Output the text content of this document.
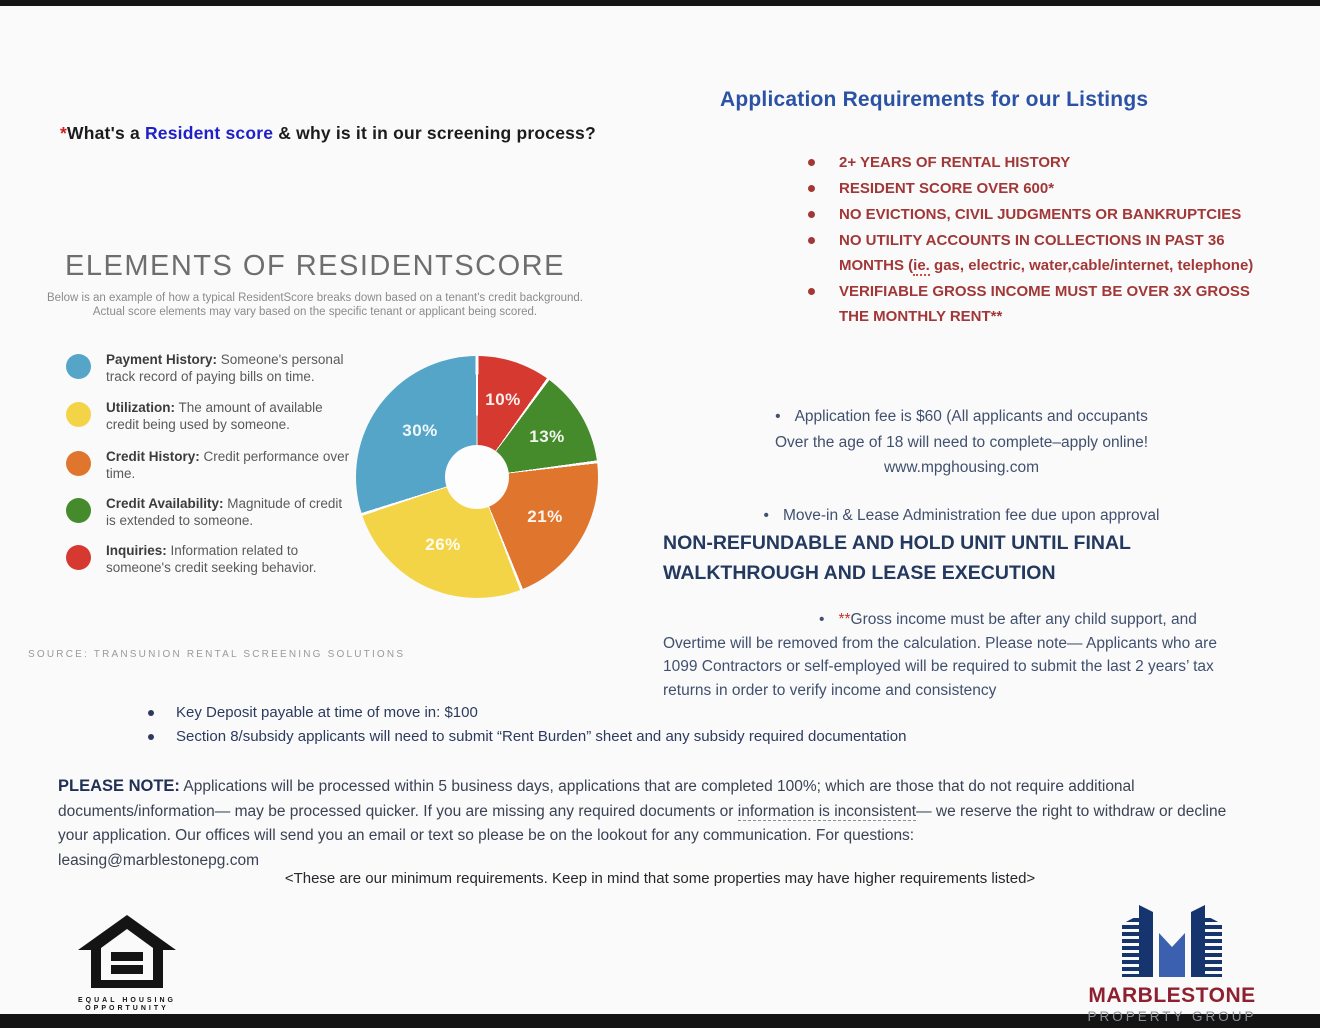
*What's a Resident score & why is it in our screening process?
Application Requirements for our Listings
2+ YEARS OF RENTAL HISTORY
RESIDENT SCORE OVER 600*
NO EVICTIONS, CIVIL JUDGMENTS OR BANKRUPTCIES
NO UTILITY ACCOUNTS IN COLLECTIONS IN PAST 36 MONTHS (ie. gas, electric, water,cable/internet, telephone)
VERIFIABLE GROSS INCOME MUST BE OVER 3X GROSS THE MONTHLY RENT**
• Application fee is $60 (All applicants and occupants
Over the age of 18 will need to complete–apply online!
www.mpghousing.com
• Move-in & Lease Administration fee due upon approval
NON-REFUNDABLE AND HOLD UNIT UNTIL FINAL WALKTHROUGH AND LEASE EXECUTION
• **Gross income must be after any child support, and Overtime will be removed from the calculation. Please note— Applicants who are 1099 Contractors or self-employed will be required to submit the last 2 years’ tax returns in order to verify income and consistency
Key Deposit payable at time of move in: $100
Section 8/subsidy applicants will need to submit “Rent Burden” sheet and any subsidy required documentation
PLEASE NOTE: Applications will be processed within 5 business days, applications that are completed 100%; which are those that do not require additional documents/information— may be processed quicker. If you are missing any required documents or information is inconsistent— we reserve the right to withdraw or decline your application. Our offices will send you an email or text so please be on the lookout for any communication. For questions:
leasing@marblestonepg.com
<These are our minimum requirements. Keep in mind that some properties may have higher requirements listed>
ELEMENTS OF RESIDENTSCORE
Below is an example of how a typical ResidentScore breaks down based on a tenant's credit background. Actual score elements may vary based on the specific tenant or applicant being scored.
Payment History: Someone's personal track record of paying bills on time.
Utilization: The amount of available credit being used by someone.
Credit History: Credit performance over time.
Credit Availability: Magnitude of credit is extended to someone.
Inquiries: Information related to someone's credit seeking behavior.
30%
26%
21%
13%
10%
SOURCE: TRANSUNION RENTAL SCREENING SOLUTIONS
EQUAL HOUSING
OPPORTUNITY
MARBLESTONE
PROPERTY GROUP
